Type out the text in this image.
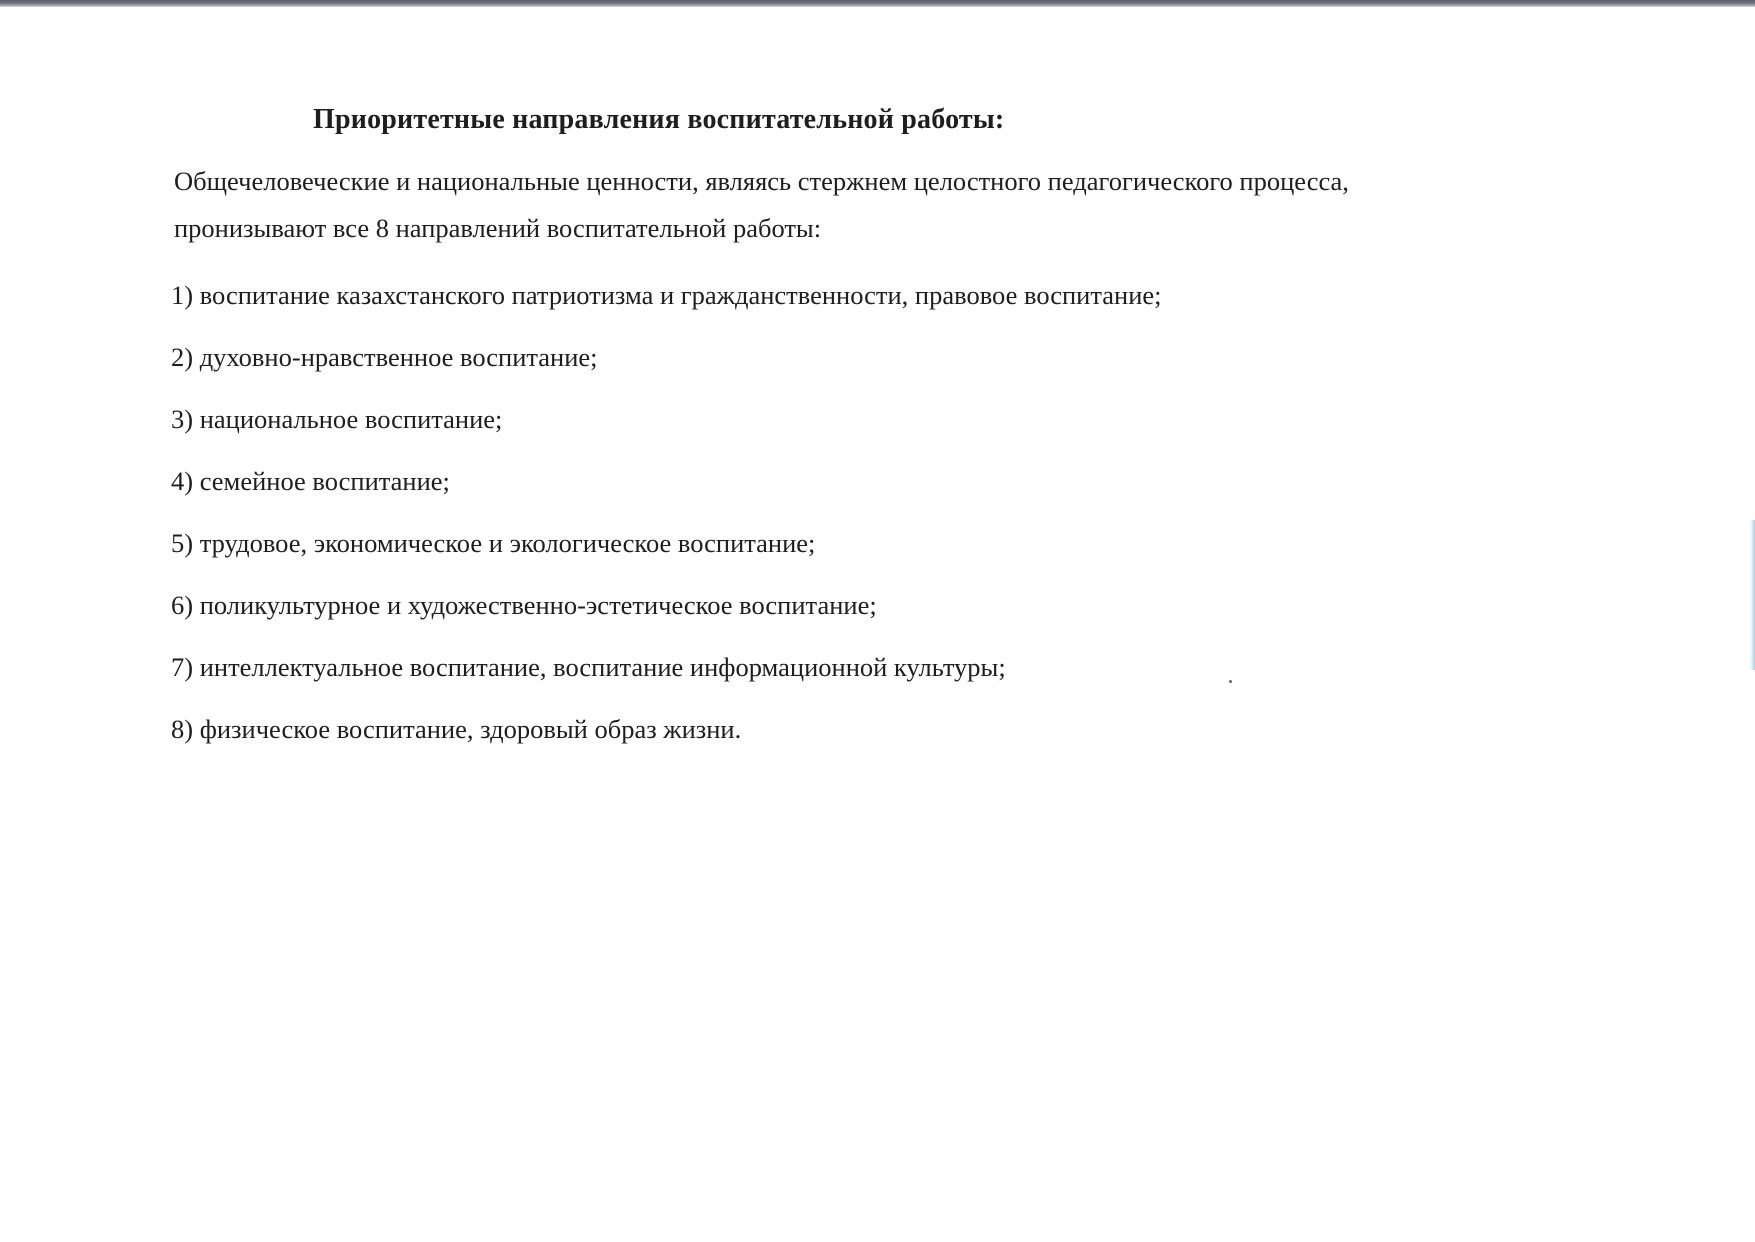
Приоритетные направления воспитательной работы:

Общечеловеческие и национальные ценности, являясь стержнем целостного педагогического процесса, пронизывают все 8 направлений воспитательной работы:

1) воспитание казахстанского патриотизма и гражданственности, правовое воспитание;
2) духовно-нравственное воспитание;
3) национальное воспитание;
4) семейное воспитание;
5) трудовое, экономическое и экологическое воспитание;
6) поликультурное и художественно-эстетическое воспитание;
7) интеллектуальное воспитание, воспитание информационной культуры;
8) физическое воспитание, здоровый образ жизни.
